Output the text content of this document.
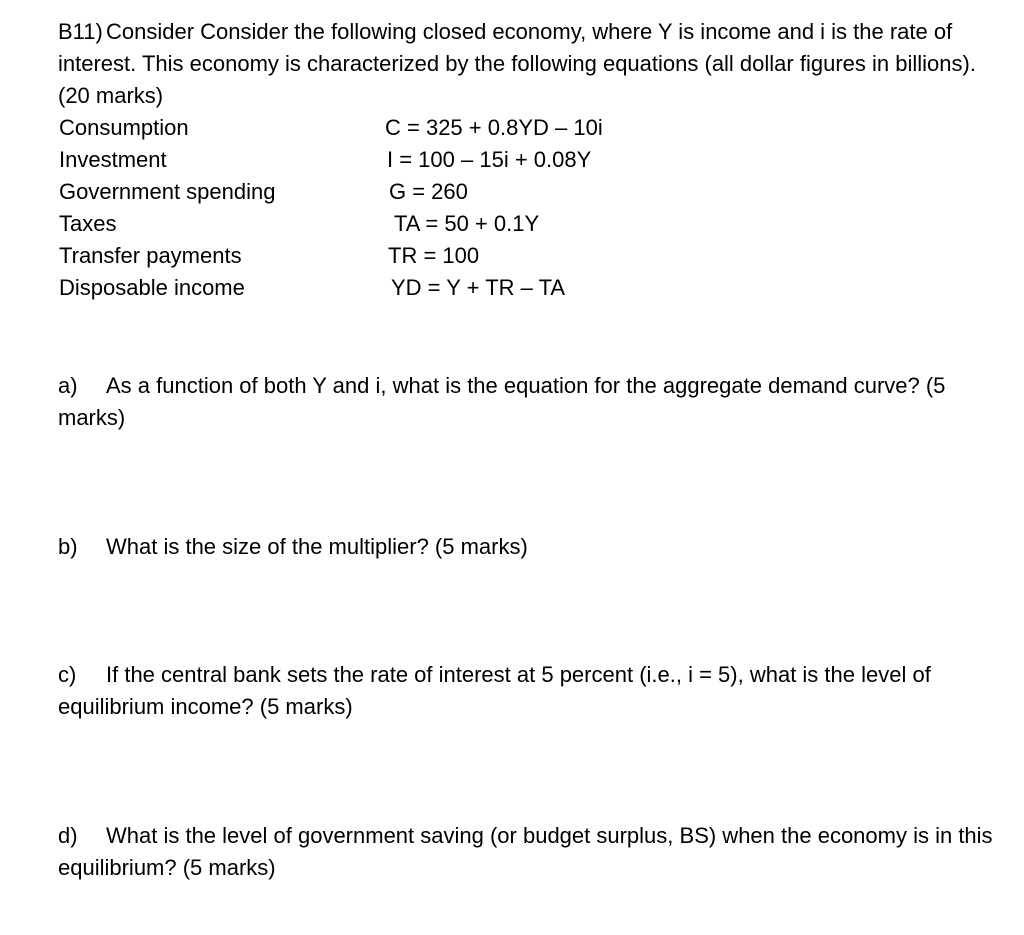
B11) Consider Consider the following closed economy, where Y is income and i is the rate of interest. This economy is characterized by the following equations (all dollar figures in billions). (20 marks)

Consumption	C = 325 + 0.8YD – 10i
Investment	I = 100 – 15i + 0.08Y
Government spending	G = 260
Taxes	TA = 50 + 0.1Y
Transfer payments	TR = 100
Disposable income	YD = Y + TR – TA

a) As a function of both Y and i, what is the equation for the aggregate demand curve? (5 marks)

b) What is the size of the multiplier? (5 marks)

c) If the central bank sets the rate of interest at 5 percent (i.e., i = 5), what is the level of equilibrium income? (5 marks)

d) What is the level of government saving (or budget surplus, BS) when the economy is in this equilibrium? (5 marks)
